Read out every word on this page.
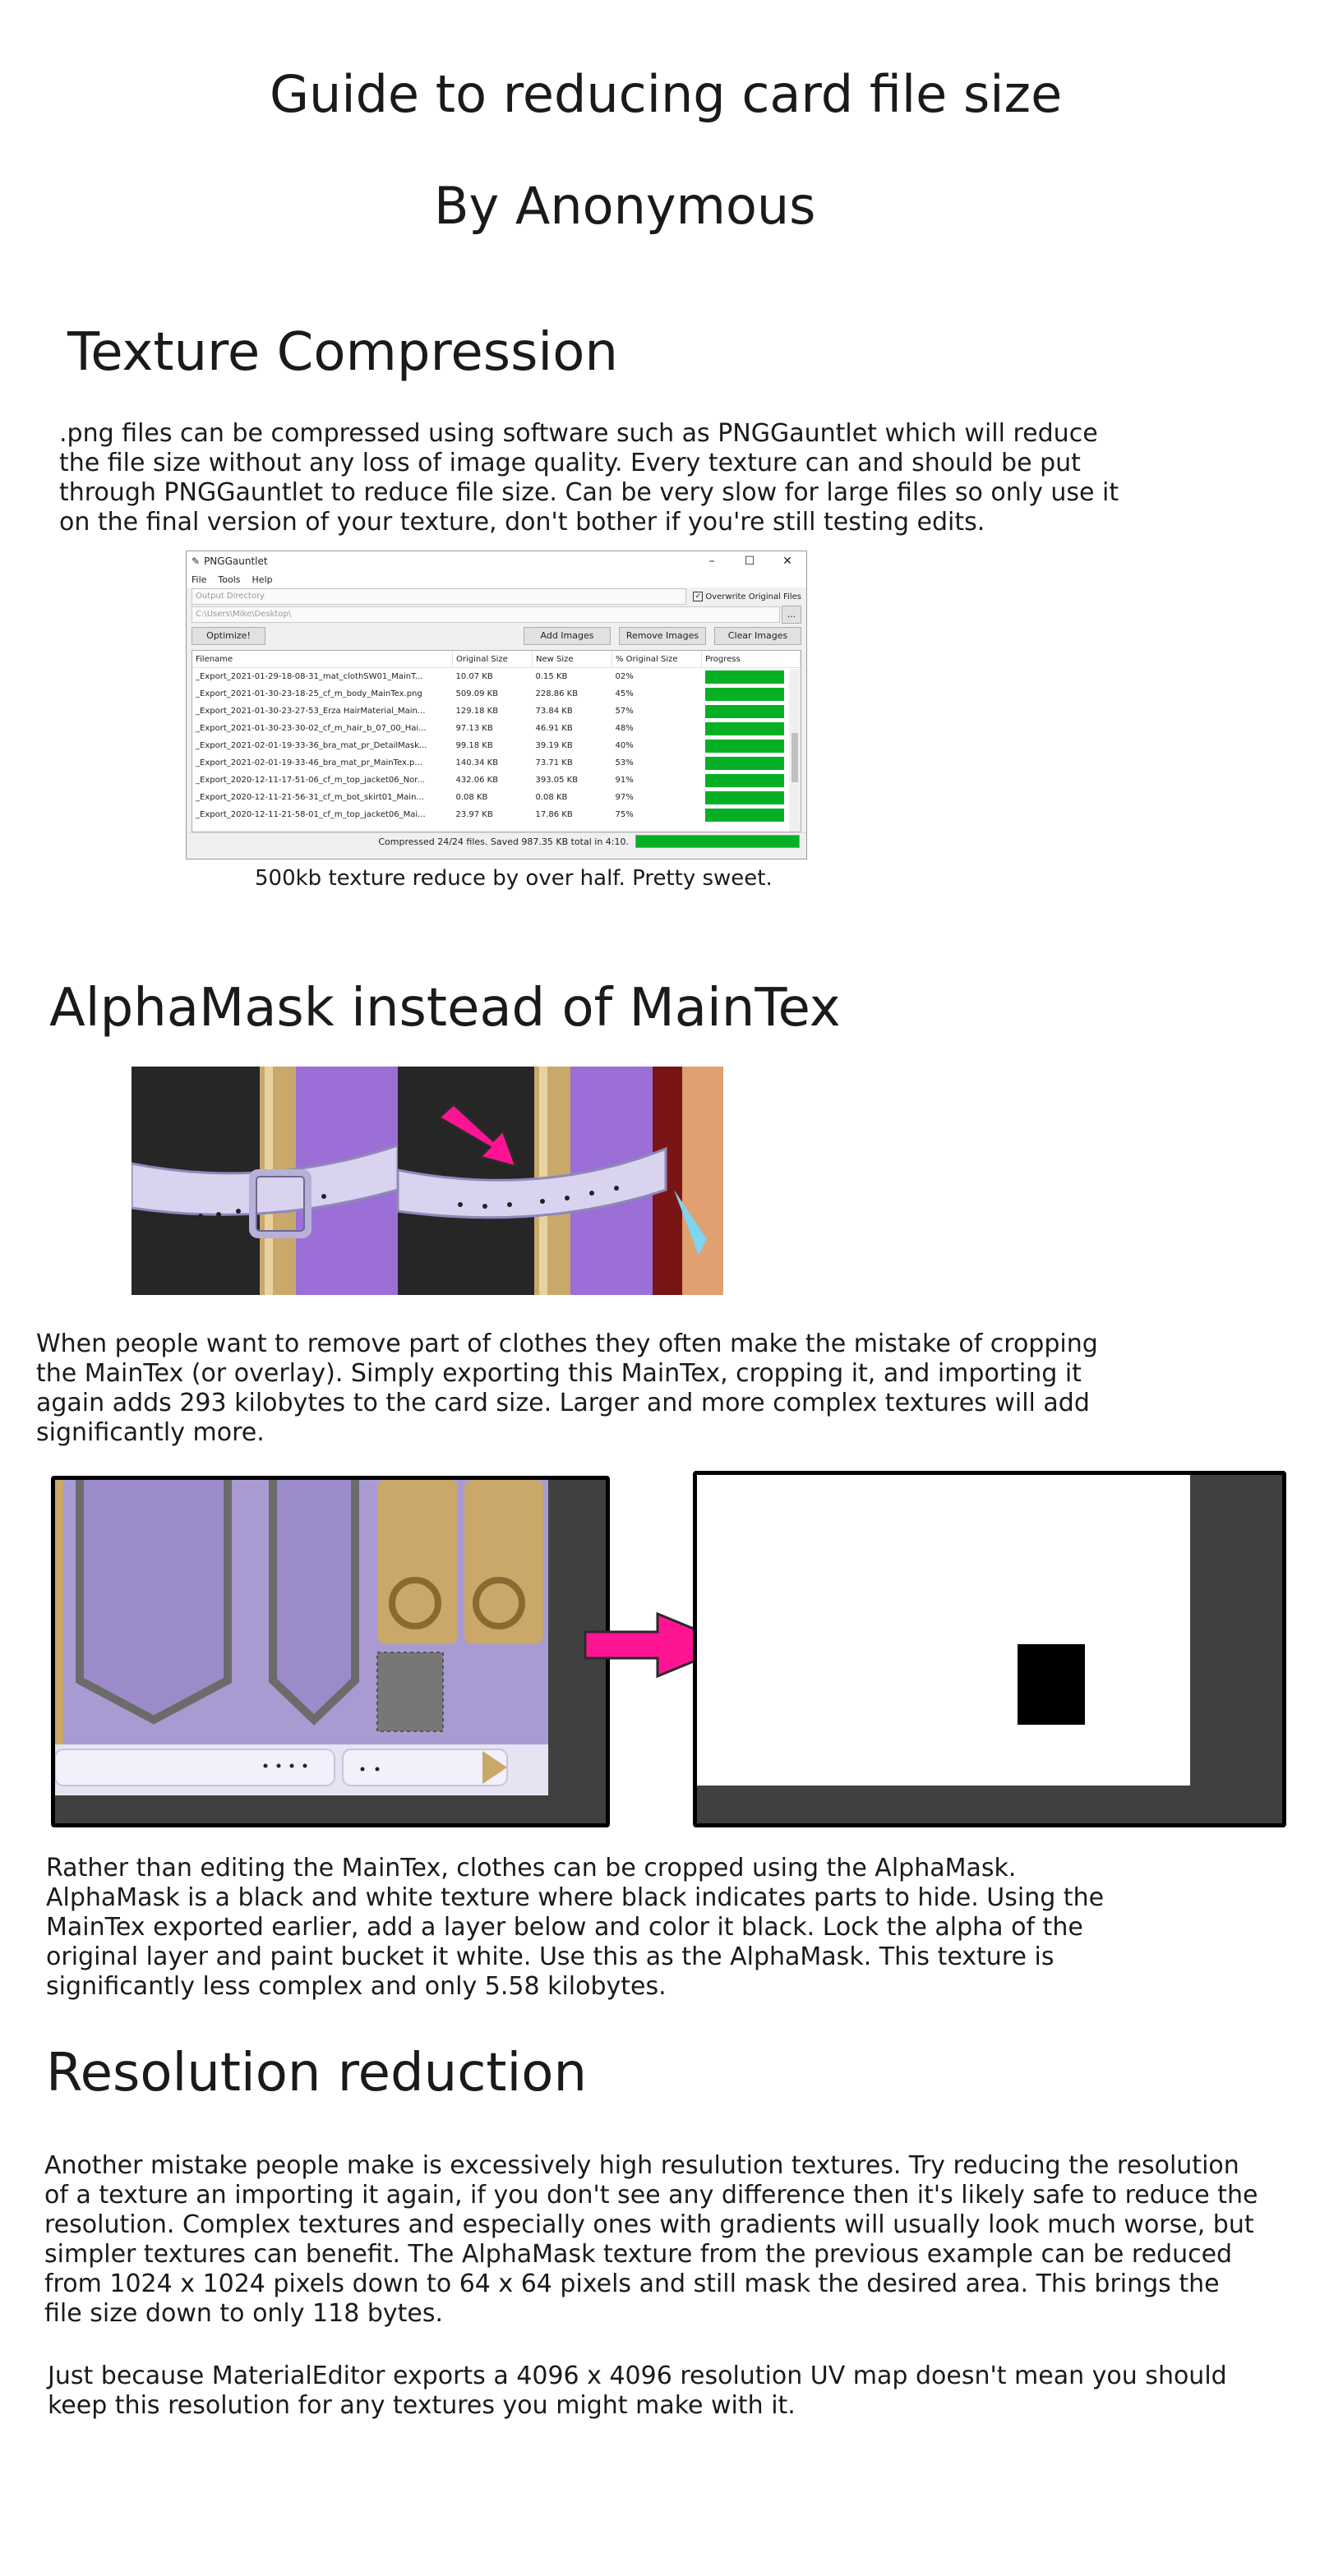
Guide to reducing card file size
By Anonymous
Texture Compression
.png files can be compressed using software such as PNGGauntlet which will reduce
the file size without any loss of image quality. Every texture can and should be put
through PNGGauntlet to reduce file size. Can be very slow for large files so only use it
on the final version of your texture, don't bother if you're still testing edits.
✎ PNGGauntlet	–	☐	✕
File Tools Help
Output Directory	✓ Overwrite Original Files
C:\Users\Mike\Desktop\	...
Optimize!	Add Images	Remove Images	Clear Images
Filename	Original Size	New Size	% Original Size	Progress
_Export_2021-01-29-18-08-31_mat_clothSW01_MainT...	10.07 KB	0.15 KB	02%	

_Export_2021-01-30-23-18-25_cf_m_body_MainTex.png	509.09 KB	228.86 KB	45%	

_Export_2021-01-30-23-27-53_Erza HairMaterial_Main...	129.18 KB	73.84 KB	57%	

_Export_2021-01-30-23-30-02_cf_m_hair_b_07_00_Hai...	97.13 KB	46.91 KB	48%	

_Export_2021-02-01-19-33-36_bra_mat_pr_DetailMask...	99.18 KB	39.19 KB	40%	

_Export_2021-02-01-19-33-46_bra_mat_pr_MainTex.p...	140.34 KB	73.71 KB	53%	

_Export_2020-12-11-17-51-06_cf_m_top_jacket06_Nor...	432.06 KB	393.05 KB	91%	

_Export_2020-12-11-21-56-31_cf_m_bot_skirt01_Main...	0.08 KB	0.08 KB	97%	

_Export_2020-12-11-21-58-01_cf_m_top_jacket06_Mai...	23.97 KB	17.86 KB	75%	
Compressed 24/24 files. Saved 987.35 KB total in 4:10.
500kb texture reduce by over half. Pretty sweet.
AlphaMask instead of MainTex
When people want to remove part of clothes they often make the mistake of cropping
the MainTex (or overlay). Simply exporting this MainTex, cropping it, and importing it
again adds 293 kilobytes to the card size. Larger and more complex textures will add
significantly more.
Rather than editing the MainTex, clothes can be cropped using the AlphaMask.
AlphaMask is a black and white texture where black indicates parts to hide. Using the
MainTex exported earlier, add a layer below and color it black. Lock the alpha of the
original layer and paint bucket it white. Use this as the AlphaMask. This texture is
significantly less complex and only 5.58 kilobytes.
Resolution reduction
Another mistake people make is excessively high resulution textures. Try reducing the resolution
of a texture an importing it again, if you don't see any difference then it's likely safe to reduce the
resolution. Complex textures and especially ones with gradients will usually look much worse, but
simpler textures can benefit. The AlphaMask texture from the previous example can be reduced
from 1024 x 1024 pixels down to 64 x 64 pixels and still mask the desired area. This brings the
file size down to only 118 bytes.
Just because MaterialEditor exports a 4096 x 4096 resolution UV map doesn't mean you should
keep this resolution for any textures you might make with it.
